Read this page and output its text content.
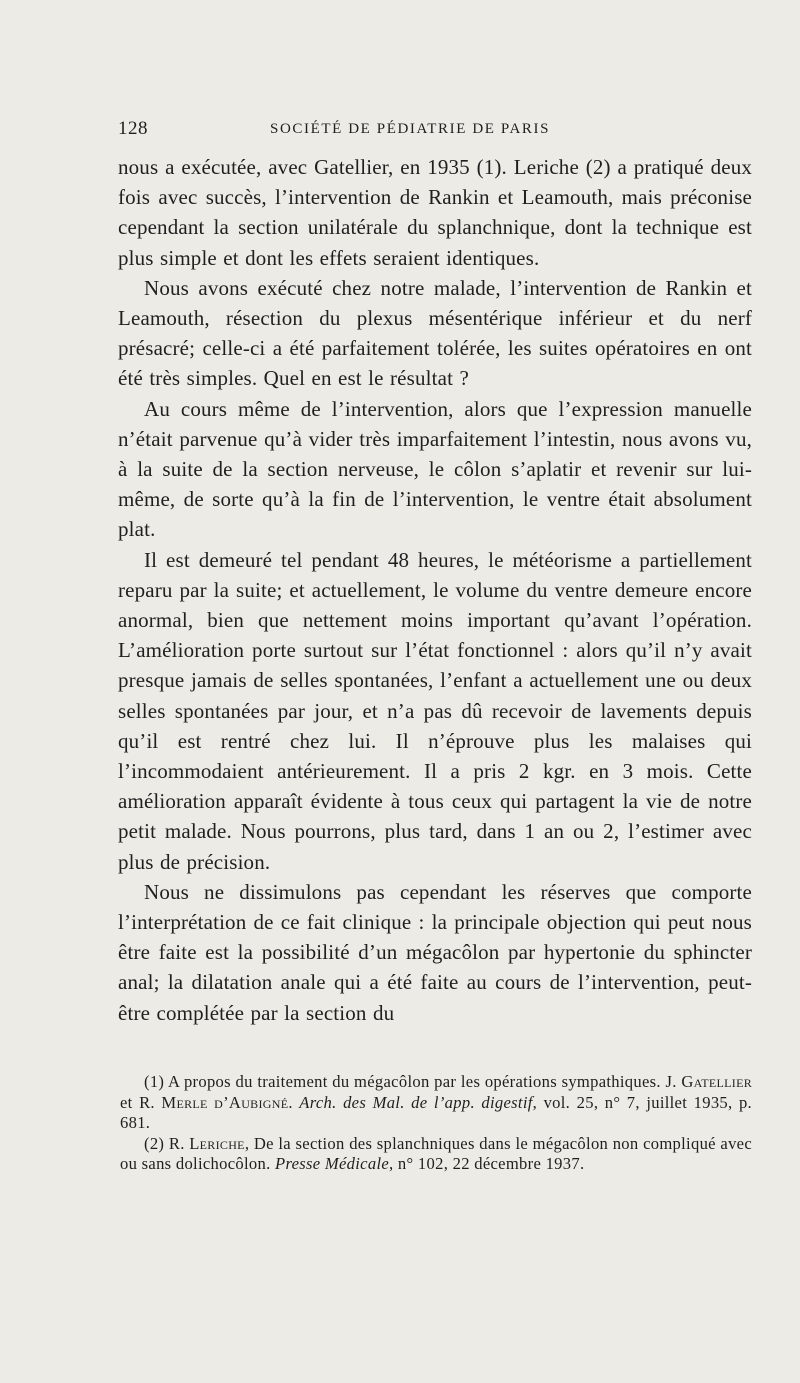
128	SOCIÉTÉ DE PÉDIATRIE DE PARIS

nous a exécutée, avec Gatellier, en 1935 (1). Leriche (2) a pratiqué deux fois avec succès, l’intervention de Rankin et Leamouth, mais préconise cependant la section unilatérale du splanchnique, dont la technique est plus simple et dont les effets seraient identiques.

Nous avons exécuté chez notre malade, l’intervention de Rankin et Leamouth, résection du plexus mésentérique inférieur et du nerf présacré; celle-ci a été parfaitement tolérée, les suites opératoires en ont été très simples. Quel en est le résultat ?

Au cours même de l’intervention, alors que l’expression manuelle n’était parvenue qu’à vider très imparfaitement l’intestin, nous avons vu, à la suite de la section nerveuse, le côlon s’aplatir et revenir sur lui-même, de sorte qu’à la fin de l’intervention, le ventre était absolument plat.

Il est demeuré tel pendant 48 heures, le météorisme a partiellement reparu par la suite; et actuellement, le volume du ventre demeure encore anormal, bien que nettement moins important qu’avant l’opération. L’amélioration porte surtout sur l’état fonctionnel : alors qu’il n’y avait presque jamais de selles spontanées, l’enfant a actuellement une ou deux selles spontanées par jour, et n’a pas dû recevoir de lavements depuis qu’il est rentré chez lui. Il n’éprouve plus les malaises qui l’incommodaient antérieurement. Il a pris 2 kgr. en 3 mois. Cette amélioration apparaît évidente à tous ceux qui partagent la vie de notre petit malade. Nous pourrons, plus tard, dans 1 an ou 2, l’estimer avec plus de précision.

Nous ne dissimulons pas cependant les réserves que comporte l’interprétation de ce fait clinique : la principale objection qui peut nous être faite est la possibilité d’un mégacôlon par hypertonie du sphincter anal; la dilatation anale qui a été faite au cours de l’intervention, peut-être complétée par la section du

(1) A propos du traitement du mégacôlon par les opérations sympathiques. J. Gatellier et R. Merle d’Aubigné. Arch. des Mal. de l’app. digestif, vol. 25, n° 7, juillet 1935, p. 681.

(2) R. Leriche, De la section des splanchniques dans le mégacôlon non compliqué avec ou sans dolichocôlon. Presse Médicale, n° 102, 22 décembre 1937.
